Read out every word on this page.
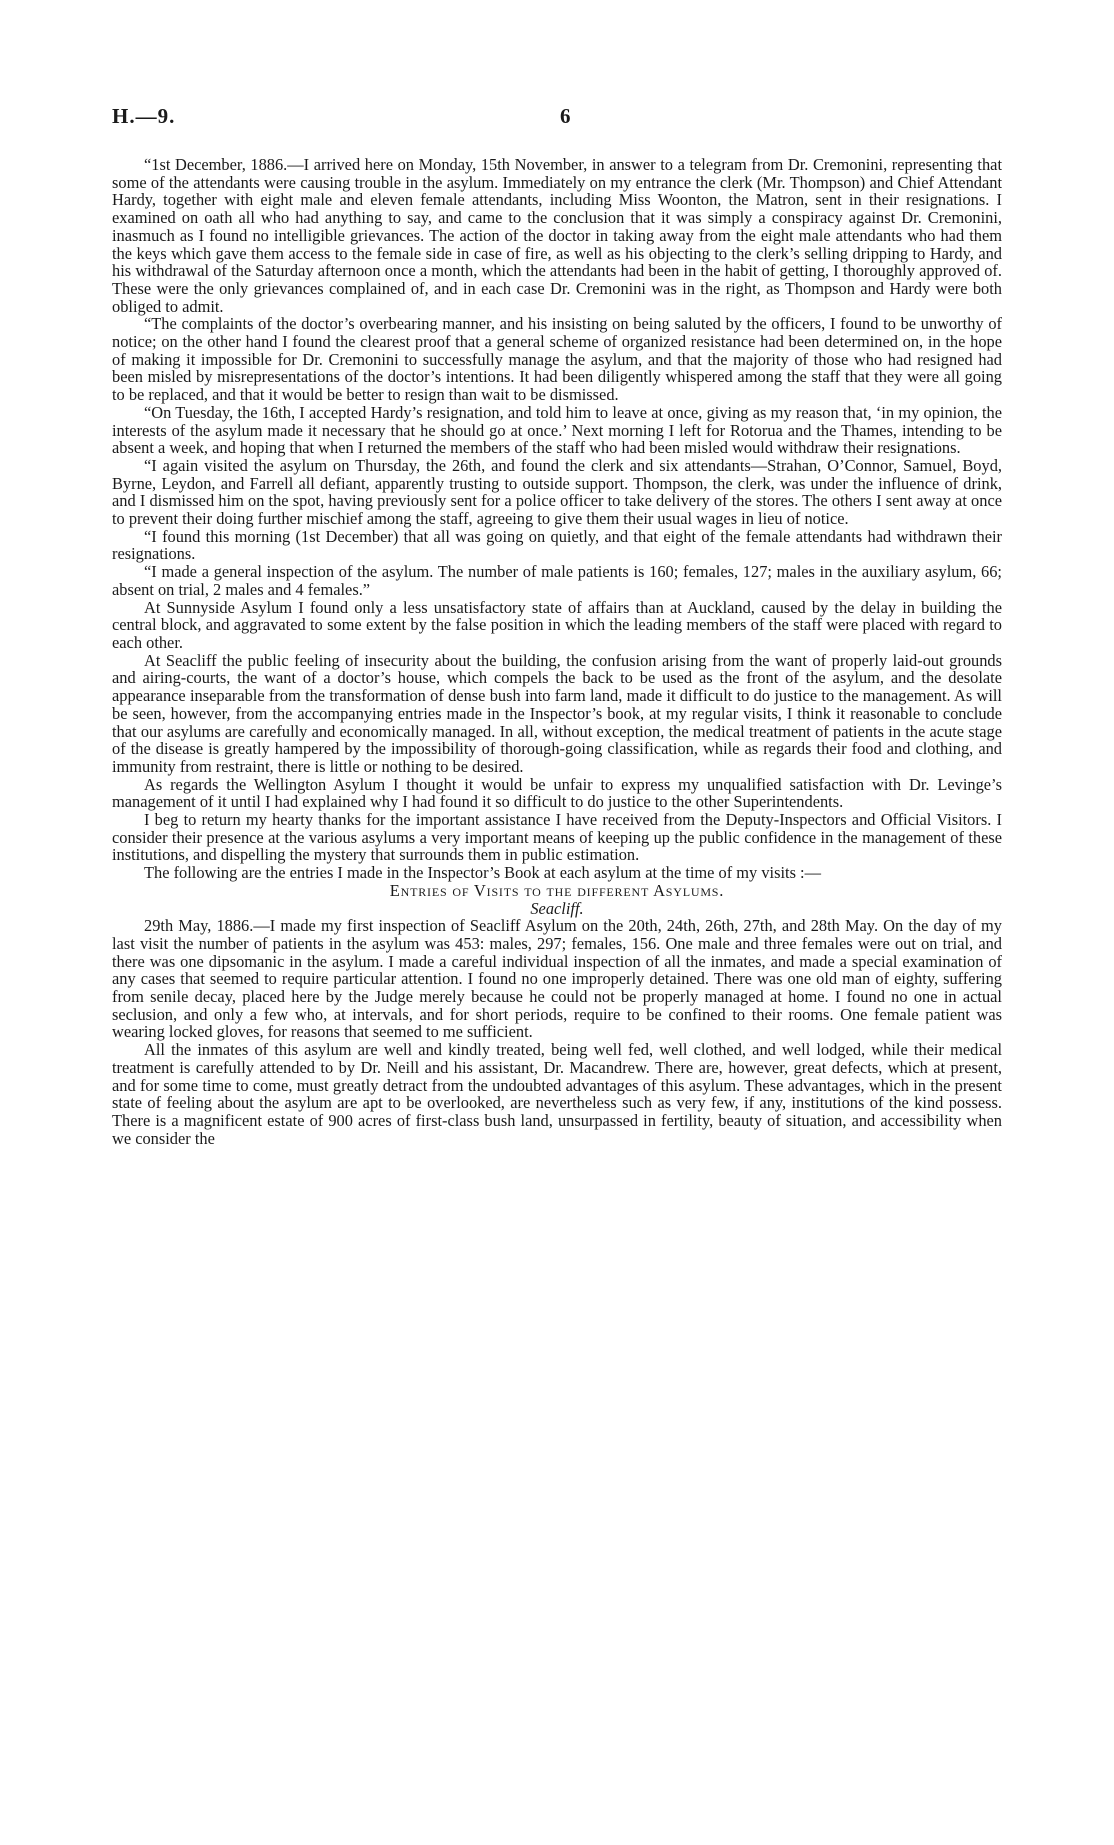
H.—9.	6

“1st December, 1886.—I arrived here on Monday, 15th November, in answer to a telegram from Dr. Cremonini, representing that some of the attendants were causing trouble in the asylum. Immediately on my entrance the clerk (Mr. Thompson) and Chief Attendant Hardy, together with eight male and eleven female attendants, including Miss Woonton, the Matron, sent in their resignations. I examined on oath all who had anything to say, and came to the conclusion that it was simply a conspiracy against Dr. Cremonini, inasmuch as I found no intelligible grievances. The action of the doctor in taking away from the eight male attendants who had them the keys which gave them access to the female side in case of fire, as well as his objecting to the clerk’s selling dripping to Hardy, and his withdrawal of the Saturday afternoon once a month, which the attendants had been in the habit of getting, I thoroughly approved of. These were the only grievances complained of, and in each case Dr. Cremonini was in the right, as Thompson and Hardy were both obliged to admit.

“The complaints of the doctor’s overbearing manner, and his insisting on being saluted by the officers, I found to be unworthy of notice; on the other hand I found the clearest proof that a general scheme of organized resistance had been determined on, in the hope of making it impossible for Dr. Cremonini to successfully manage the asylum, and that the majority of those who had resigned had been misled by misrepresentations of the doctor’s intentions. It had been diligently whispered among the staff that they were all going to be replaced, and that it would be better to resign than wait to be dismissed.

“On Tuesday, the 16th, I accepted Hardy’s resignation, and told him to leave at once, giving as my reason that, ‘in my opinion, the interests of the asylum made it necessary that he should go at once.’ Next morning I left for Rotorua and the Thames, intending to be absent a week, and hoping that when I returned the members of the staff who had been misled would withdraw their resignations.

“I again visited the asylum on Thursday, the 26th, and found the clerk and six attendants—Strahan, O’Connor, Samuel, Boyd, Byrne, Leydon, and Farrell all defiant, apparently trusting to outside support. Thompson, the clerk, was under the influence of drink, and I dismissed him on the spot, having previously sent for a police officer to take delivery of the stores. The others I sent away at once to prevent their doing further mischief among the staff, agreeing to give them their usual wages in lieu of notice.

“I found this morning (1st December) that all was going on quietly, and that eight of the female attendants had withdrawn their resignations.

“I made a general inspection of the asylum. The number of male patients is 160; females, 127; males in the auxiliary asylum, 66; absent on trial, 2 males and 4 females.”

At Sunnyside Asylum I found only a less unsatisfactory state of affairs than at Auckland, caused by the delay in building the central block, and aggravated to some extent by the false position in which the leading members of the staff were placed with regard to each other.

At Seacliff the public feeling of insecurity about the building, the confusion arising from the want of properly laid-out grounds and airing-courts, the want of a doctor’s house, which compels the back to be used as the front of the asylum, and the desolate appearance inseparable from the transformation of dense bush into farm land, made it difficult to do justice to the management. As will be seen, however, from the accompanying entries made in the Inspector’s book, at my regular visits, I think it reasonable to conclude that our asylums are carefully and economically managed. In all, without exception, the medical treatment of patients in the acute stage of the disease is greatly hampered by the impossibility of thorough-going classification, while as regards their food and clothing, and immunity from restraint, there is little or nothing to be desired.

As regards the Wellington Asylum I thought it would be unfair to express my unqualified satisfaction with Dr. Levinge’s management of it until I had explained why I had found it so difficult to do justice to the other Superintendents.

I beg to return my hearty thanks for the important assistance I have received from the Deputy-Inspectors and Official Visitors. I consider their presence at the various asylums a very important means of keeping up the public confidence in the management of these institutions, and dispelling the mystery that surrounds them in public estimation.

The following are the entries I made in the Inspector’s Book at each asylum at the time of my visits :—

Entries of Visits to the different Asylums.

Seacliff.

29th May, 1886.—I made my first inspection of Seacliff Asylum on the 20th, 24th, 26th, 27th, and 28th May. On the day of my last visit the number of patients in the asylum was 453: males, 297; females, 156. One male and three females were out on trial, and there was one dipsomanic in the asylum. I made a careful individual inspection of all the inmates, and made a special examination of any cases that seemed to require particular attention. I found no one improperly detained. There was one old man of eighty, suffering from senile decay, placed here by the Judge merely because he could not be properly managed at home. I found no one in actual seclusion, and only a few who, at intervals, and for short periods, require to be confined to their rooms. One female patient was wearing locked gloves, for reasons that seemed to me sufficient.

All the inmates of this asylum are well and kindly treated, being well fed, well clothed, and well lodged, while their medical treatment is carefully attended to by Dr. Neill and his assistant, Dr. Macandrew. There are, however, great defects, which at present, and for some time to come, must greatly detract from the undoubted advantages of this asylum. These advantages, which in the present state of feeling about the asylum are apt to be overlooked, are nevertheless such as very few, if any, institutions of the kind possess. There is a magnificent estate of 900 acres of first-class bush land, unsurpassed in fertility, beauty of situation, and accessibility when we consider the
